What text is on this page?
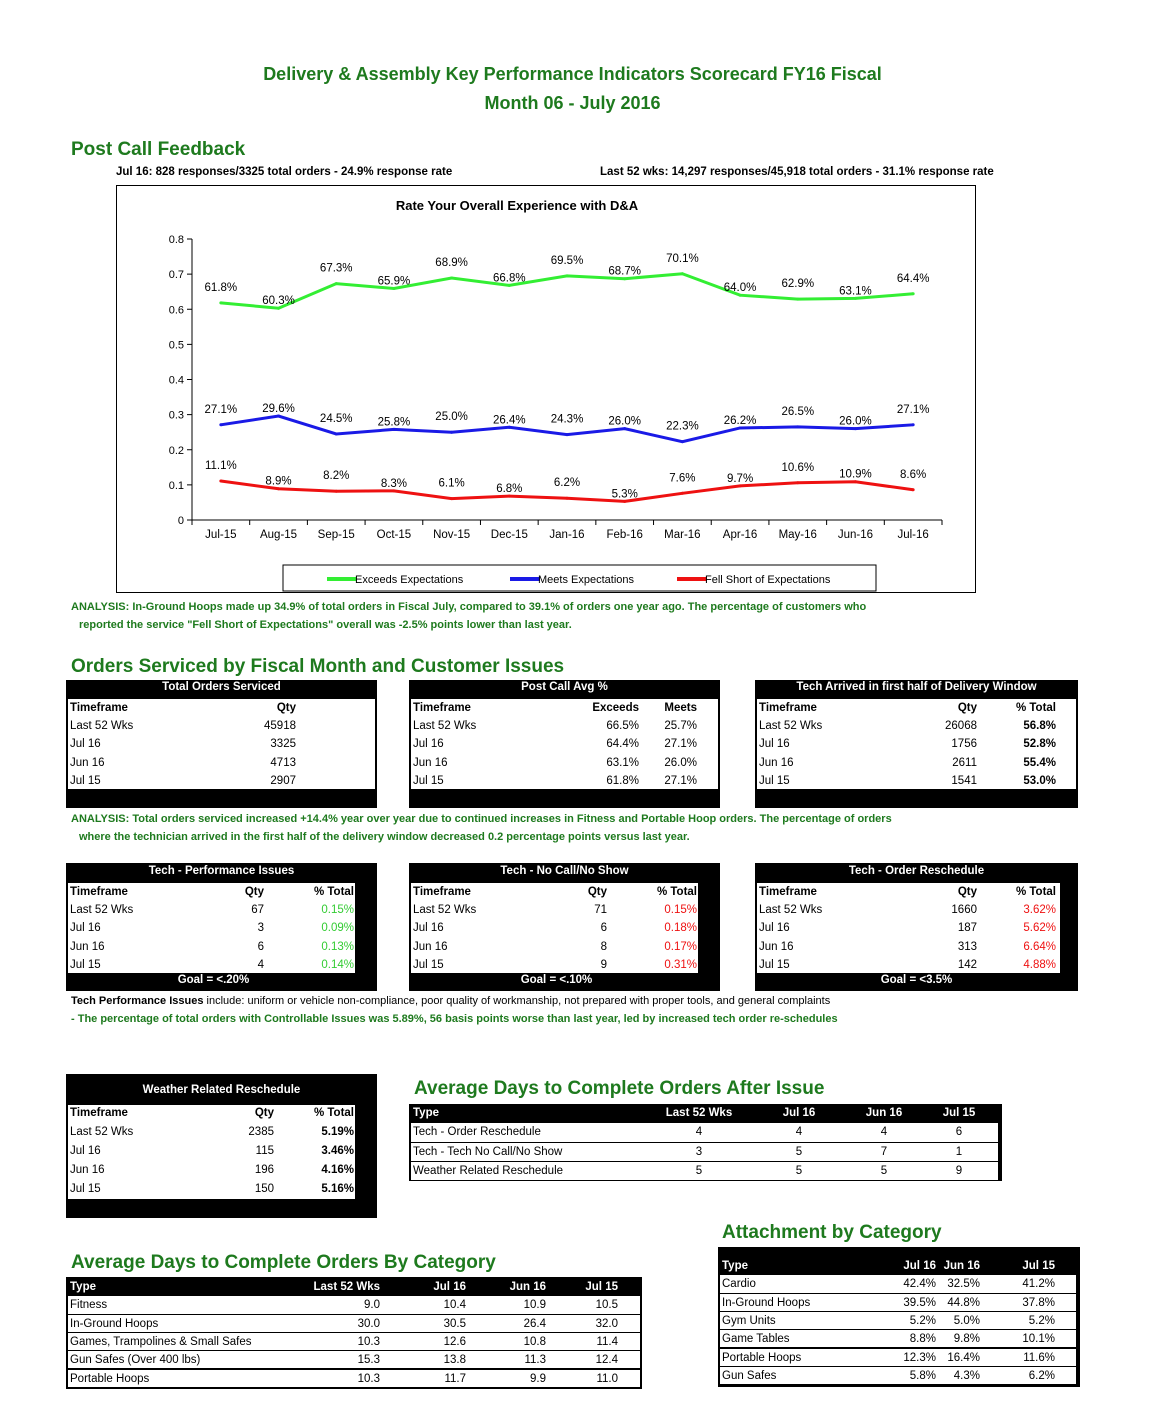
Delivery & Assembly Key Performance Indicators Scorecard FY16 Fiscal
Month 06 - July 2016
Post Call Feedback
Jul 16: 828 responses/3325 total orders - 24.9% response rate	Last 52 wks: 14,297 responses/45,918 total orders - 31.1% response rate
Rate Your Overall Experience with D&A
0
0.1
0.2
0.3
0.4
0.5
0.6
0.7
0.8
Jul-15 Aug-15 Sep-15 Oct-15 Nov-15 Dec-15 Jan-16 Feb-16 Mar-16 Apr-16 May-16 Jun-16 Jul-16
61.8%
60.3%
67.3%
65.9%
68.9%
66.8%
69.5%
68.7%
70.1%
64.0% 62.9%
63.1%
64.4%
27.1% 29.6%
24.5% 25.8% 25.0% 26.4% 24.3% 26.0% 22.3% 26.2%
26.5%
26.0%
27.1%
11.1%
8.9%	8.2%
8.3%	6.1%	6.8%	6.2%
5.3%
7.6%	9.7%
10.6%
10.9% 8.6%
Exceeds Expectations	Meets Expectations	Fell Short of Expectations
ANALYSIS: In-Ground Hoops made up 34.9% of total orders in Fiscal July, compared to 39.1% of orders one year ago. The percentage of customers who
reported the service "Fell Short of Expectations" overall was -2.5% points lower than last year.
Orders Serviced by Fiscal Month and Customer Issues
Total Orders Serviced
Timeframe	Qty
Last 52 Wks	45918
Jul 16	3325
Jun 16	4713
Jul 15	2907
Post Call Avg %
Timeframe	Exceeds	Meets
Last 52 Wks	66.5%	25.7%
Jul 16	64.4%	27.1%
Jun 16	63.1%	26.0%
Jul 15	61.8%	27.1%
Tech Arrived in first half of Delivery Window
Timeframe	Qty	% Total
Last 52 Wks	26068	56.8%
Jul 16	1756	52.8%
Jun 16	2611	55.4%
Jul 15	1541	53.0%
ANALYSIS: Total orders serviced increased +14.4% year over year due to continued increases in Fitness and Portable Hoop orders. The percentage of orders
where the technician arrived in the first half of the delivery window decreased 0.2 percentage points versus last year.
Tech - Performance Issues
Timeframe	Qty	% Total
Last 52 Wks	67	0.15%
Jul 16	3	0.09%
Jun 16	6	0.13%
Jul 15	4	0.14%
Goal = <.20%
Tech - No Call/No Show
Timeframe	Qty	% Total
Last 52 Wks	71	0.15%
Jul 16	6	0.18%
Jun 16	8	0.17%
Jul 15	9	0.31%
Goal = <.10%
Tech - Order Reschedule
Timeframe	Qty	% Total
Last 52 Wks	1660	3.62%
Jul 16	187	5.62%
Jun 16	313	6.64%
Jul 15	142	4.88%
Goal = <3.5%
Tech Performance Issues include: uniform or vehicle non-compliance, poor quality of workmanship, not prepared with proper tools, and general complaints
- The percentage of total orders with Controllable Issues was 5.89%, 56 basis points worse than last year, led by increased tech order re-schedules
Weather Related Reschedule
Timeframe	Qty	% Total
Last 52 Wks	2385	5.19%
Jul 16	115	3.46%
Jun 16	196	4.16%
Jul 15	150	5.16%
Average Days to Complete Orders After Issue
Type	Last 52 Wks	Jul 16	Jun 16	Jul 15
Tech - Order Reschedule	4	4	4	6
Tech - Tech No Call/No Show	3	5	7	1
Weather Related Reschedule	5	5	5	9
Attachment by Category
Type	Jul 16 Jun 16	Jul 15
Cardio	42.4% 32.5%	41.2%
In-Ground Hoops	39.5% 44.8%	37.8%
Gym Units	5.2%	5.0%	5.2%
Game Tables	8.8%	9.8%	10.1%
Portable Hoops	12.3% 16.4%	11.6%
Gun Safes	5.8%	4.3%	6.2%
Average Days to Complete Orders By Category
Type	Last 52 Wks	Jul 16	Jun 16	Jul 15
Fitness	9.0	10.4	10.9	10.5
In-Ground Hoops	30.0	30.5	26.4	32.0
Games, Trampolines & Small Safes	10.3	12.6	10.8	11.4
Gun Safes (Over 400 lbs)	15.3	13.8	11.3	12.4
Portable Hoops	10.3	11.7	9.9	11.0
